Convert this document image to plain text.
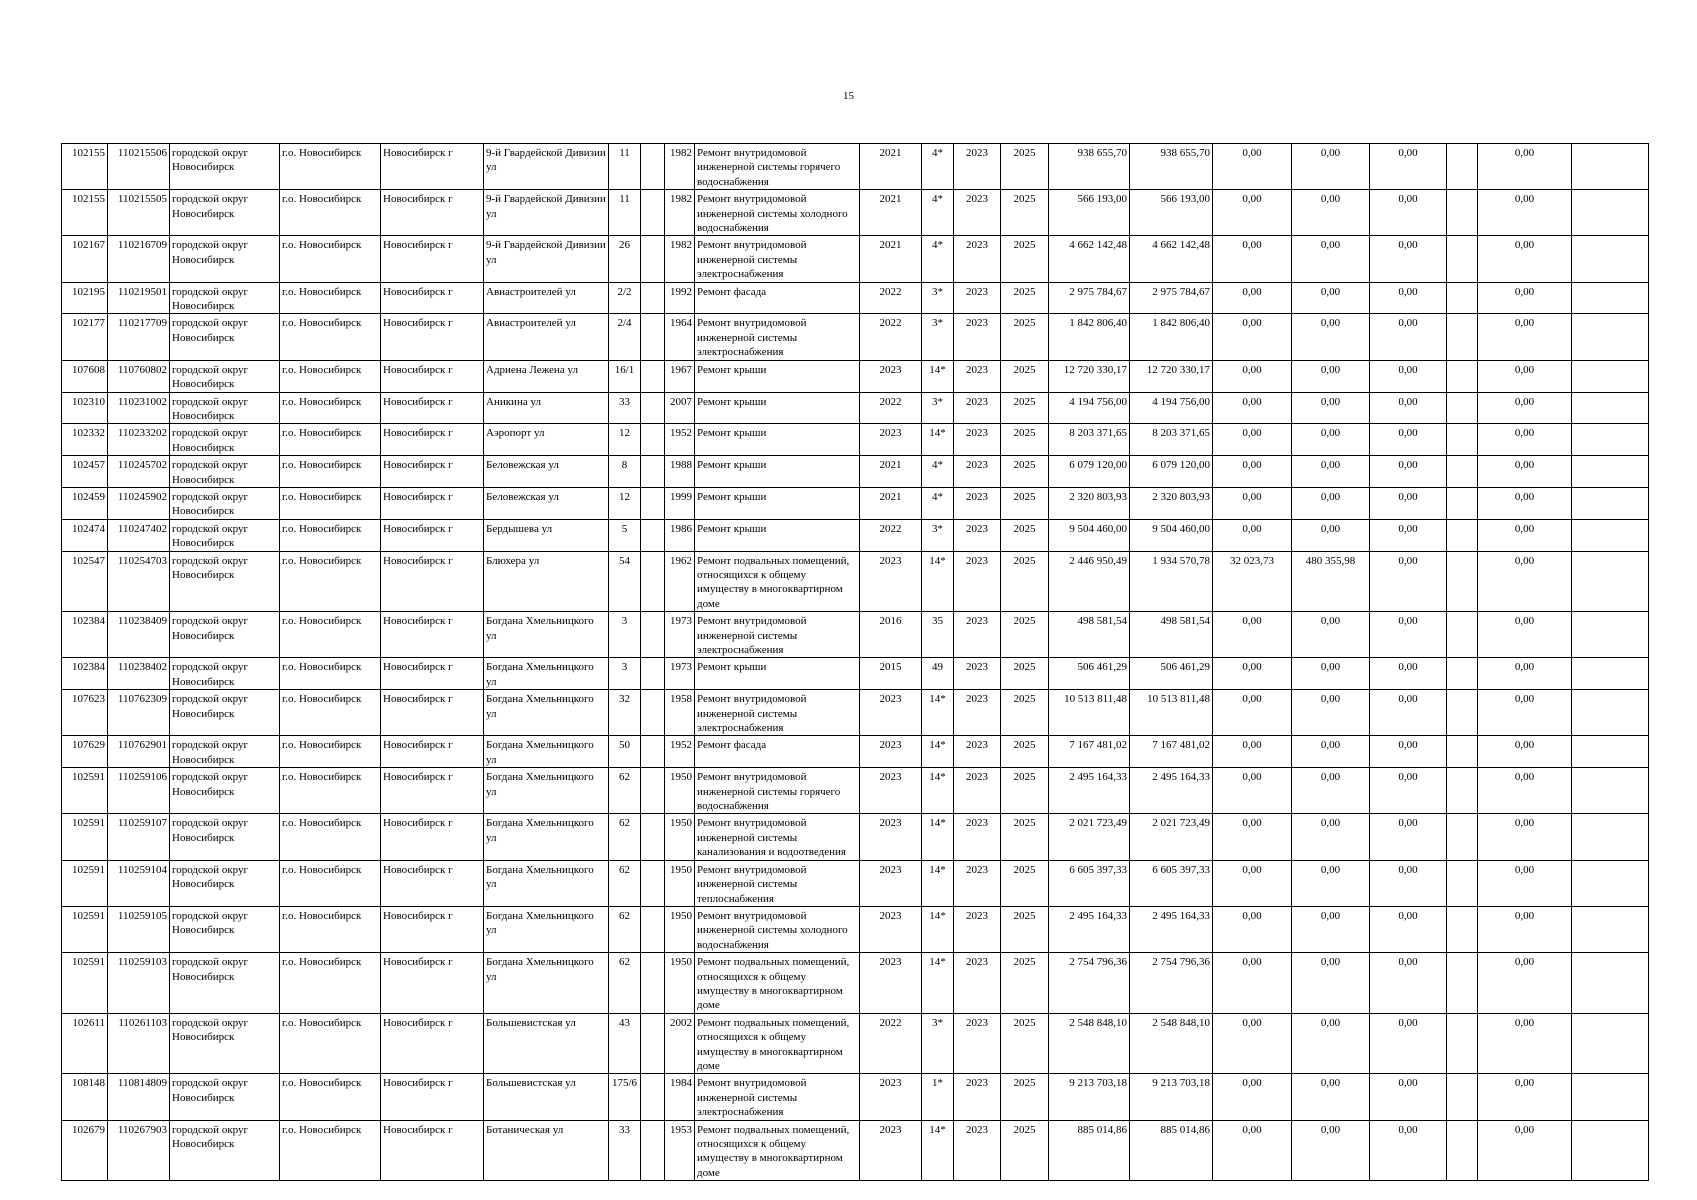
15
102155	110215506	городской округ Новосибирск	г.о. Новосибирск	Новосибирск г	9-й Гвардейской Дивизии ул	11		1982	Ремонт внутридомовой инженерной системы горячего водоснабжения	2021	4*	2023	2025	938 655,70	938 655,70	0,00	0,00	0,00		0,00	
102155	110215505	городской округ Новосибирск	г.о. Новосибирск	Новосибирск г	9-й Гвардейской Дивизии ул	11		1982	Ремонт внутридомовой инженерной системы холодного водоснабжения	2021	4*	2023	2025	566 193,00	566 193,00	0,00	0,00	0,00		0,00	
102167	110216709	городской округ Новосибирск	г.о. Новосибирск	Новосибирск г	9-й Гвардейской Дивизии ул	26		1982	Ремонт внутридомовой инженерной системы электроснабжения	2021	4*	2023	2025	4 662 142,48	4 662 142,48	0,00	0,00	0,00		0,00	
102195	110219501	городской округ Новосибирск	г.о. Новосибирск	Новосибирск г	Авиастроителей ул	2/2		1992	Ремонт фасада	2022	3*	2023	2025	2 975 784,67	2 975 784,67	0,00	0,00	0,00		0,00	
102177	110217709	городской округ Новосибирск	г.о. Новосибирск	Новосибирск г	Авиастроителей ул	2/4		1964	Ремонт внутридомовой инженерной системы электроснабжения	2022	3*	2023	2025	1 842 806,40	1 842 806,40	0,00	0,00	0,00		0,00	
107608	110760802	городской округ Новосибирск	г.о. Новосибирск	Новосибирск г	Адриена Лежена ул	16/1		1967	Ремонт крыши	2023	14*	2023	2025	12 720 330,17	12 720 330,17	0,00	0,00	0,00		0,00	
102310	110231002	городской округ Новосибирск	г.о. Новосибирск	Новосибирск г	Аникина ул	33		2007	Ремонт крыши	2022	3*	2023	2025	4 194 756,00	4 194 756,00	0,00	0,00	0,00		0,00	
102332	110233202	городской округ Новосибирск	г.о. Новосибирск	Новосибирск г	Аэропорт ул	12		1952	Ремонт крыши	2023	14*	2023	2025	8 203 371,65	8 203 371,65	0,00	0,00	0,00		0,00	
102457	110245702	городской округ Новосибирск	г.о. Новосибирск	Новосибирск г	Беловежская ул	8		1988	Ремонт крыши	2021	4*	2023	2025	6 079 120,00	6 079 120,00	0,00	0,00	0,00		0,00	
102459	110245902	городской округ Новосибирск	г.о. Новосибирск	Новосибирск г	Беловежская ул	12		1999	Ремонт крыши	2021	4*	2023	2025	2 320 803,93	2 320 803,93	0,00	0,00	0,00		0,00	
102474	110247402	городской округ Новосибирск	г.о. Новосибирск	Новосибирск г	Бердышева ул	5		1986	Ремонт крыши	2022	3*	2023	2025	9 504 460,00	9 504 460,00	0,00	0,00	0,00		0,00	
102547	110254703	городской округ Новосибирск	г.о. Новосибирск	Новосибирск г	Блюхера ул	54		1962	Ремонт подвальных помещений, относящихся к общему имуществу в многоквартирном доме	2023	14*	2023	2025	2 446 950,49	1 934 570,78	32 023,73	480 355,98	0,00		0,00	
102384	110238409	городской округ Новосибирск	г.о. Новосибирск	Новосибирск г	Богдана Хмельницкого ул	3		1973	Ремонт внутридомовой инженерной системы электроснабжения	2016	35	2023	2025	498 581,54	498 581,54	0,00	0,00	0,00		0,00	
102384	110238402	городской округ Новосибирск	г.о. Новосибирск	Новосибирск г	Богдана Хмельницкого ул	3		1973	Ремонт крыши	2015	49	2023	2025	506 461,29	506 461,29	0,00	0,00	0,00		0,00	
107623	110762309	городской округ Новосибирск	г.о. Новосибирск	Новосибирск г	Богдана Хмельницкого ул	32		1958	Ремонт внутридомовой инженерной системы электроснабжения	2023	14*	2023	2025	10 513 811,48	10 513 811,48	0,00	0,00	0,00		0,00	
107629	110762901	городской округ Новосибирск	г.о. Новосибирск	Новосибирск г	Богдана Хмельницкого ул	50		1952	Ремонт фасада	2023	14*	2023	2025	7 167 481,02	7 167 481,02	0,00	0,00	0,00		0,00	
102591	110259106	городской округ Новосибирск	г.о. Новосибирск	Новосибирск г	Богдана Хмельницкого ул	62		1950	Ремонт внутридомовой инженерной системы горячего водоснабжения	2023	14*	2023	2025	2 495 164,33	2 495 164,33	0,00	0,00	0,00		0,00	
102591	110259107	городской округ Новосибирск	г.о. Новосибирск	Новосибирск г	Богдана Хмельницкого ул	62		1950	Ремонт внутридомовой инженерной системы канализования и водоотведения	2023	14*	2023	2025	2 021 723,49	2 021 723,49	0,00	0,00	0,00		0,00	
102591	110259104	городской округ Новосибирск	г.о. Новосибирск	Новосибирск г	Богдана Хмельницкого ул	62		1950	Ремонт внутридомовой инженерной системы теплоснабжения	2023	14*	2023	2025	6 605 397,33	6 605 397,33	0,00	0,00	0,00		0,00	
102591	110259105	городской округ Новосибирск	г.о. Новосибирск	Новосибирск г	Богдана Хмельницкого ул	62		1950	Ремонт внутридомовой инженерной системы холодного водоснабжения	2023	14*	2023	2025	2 495 164,33	2 495 164,33	0,00	0,00	0,00		0,00	
102591	110259103	городской округ Новосибирск	г.о. Новосибирск	Новосибирск г	Богдана Хмельницкого ул	62		1950	Ремонт подвальных помещений, относящихся к общему имуществу в многоквартирном доме	2023	14*	2023	2025	2 754 796,36	2 754 796,36	0,00	0,00	0,00		0,00	
102611	110261103	городской округ Новосибирск	г.о. Новосибирск	Новосибирск г	Большевистская ул	43		2002	Ремонт подвальных помещений, относящихся к общему имуществу в многоквартирном доме	2022	3*	2023	2025	2 548 848,10	2 548 848,10	0,00	0,00	0,00		0,00	
108148	110814809	городской округ Новосибирск	г.о. Новосибирск	Новосибирск г	Большевистская ул	175/6		1984	Ремонт внутридомовой инженерной системы электроснабжения	2023	1*	2023	2025	9 213 703,18	9 213 703,18	0,00	0,00	0,00		0,00	
102679	110267903	городской округ Новосибирск	г.о. Новосибирск	Новосибирск г	Ботаническая ул	33		1953	Ремонт подвальных помещений, относящихся к общему имуществу в многоквартирном доме	2023	14*	2023	2025	885 014,86	885 014,86	0,00	0,00	0,00		0,00	
